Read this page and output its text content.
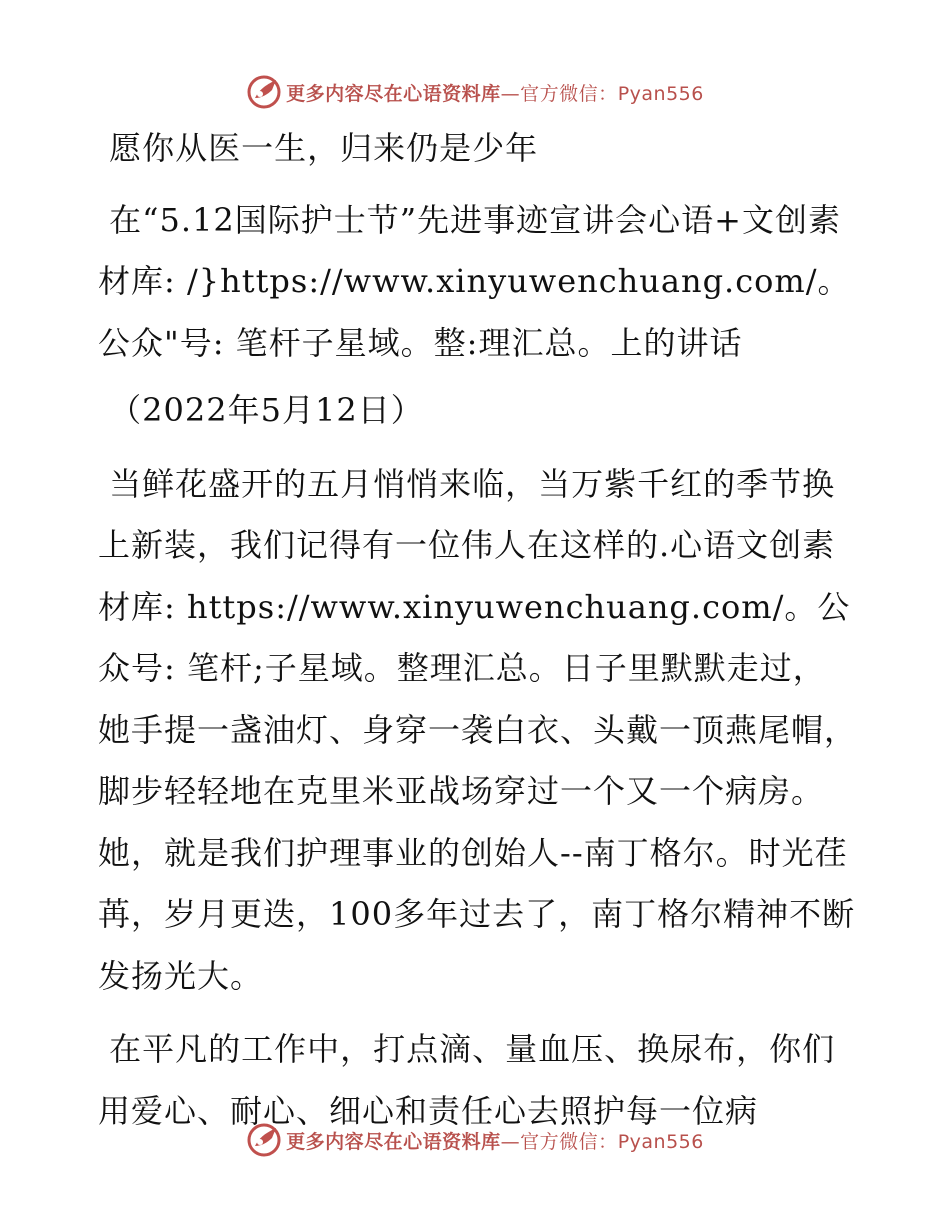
更多内容尽在心语资料库—官方微信：Pyan556

愿你从医一生，归来仍是少年

在“5.12国际护士节”先进事迹宣讲会心语+文创素材库: /}https://www.xinyuwenchuang.com/。公众"号: 笔杆子星域。整:理汇总。上的讲话

（2022年5月12日）

当鲜花盛开的五月悄悄来临，当万紫千红的季节换上新装，我们记得有一位伟人在这样的.心语文创素材库: https://www.xinyuwenchuang.com/。公众号: 笔杆;子星域。整理汇总。日子里默默走过，她手提一盏油灯、身穿一袭白衣、头戴一顶燕尾帽，脚步轻轻地在克里米亚战场穿过一个又一个病房。她，就是我们护理事业的创始人--南丁格尔。时光荏苒，岁月更迭，100多年过去了，南丁格尔精神不断发扬光大。

在平凡的工作中，打点滴、量血压、换尿布，你们用爱心、耐心、细心和责任心去照护每一位病

更多内容尽在心语资料库—官方微信：Pyan556
